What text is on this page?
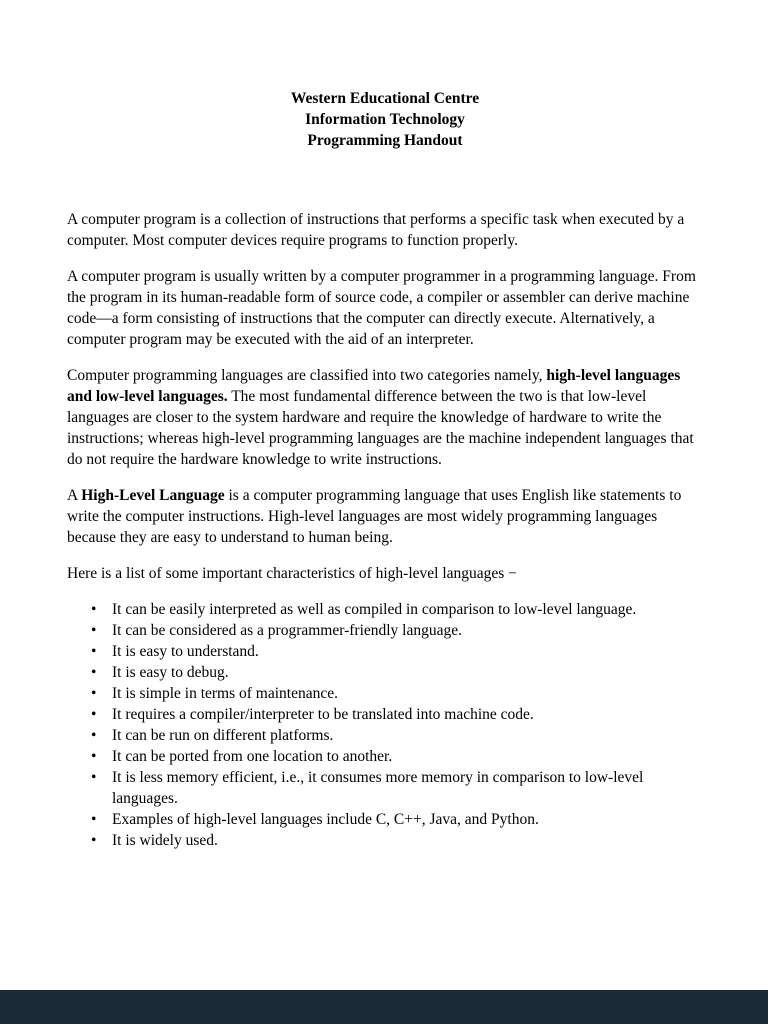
Western Educational Centre
Information Technology
Programming Handout

A computer program is a collection of instructions that performs a specific task when executed by a computer. Most computer devices require programs to function properly.

A computer program is usually written by a computer programmer in a programming language. From the program in its human-readable form of source code, a compiler or assembler can derive machine code—a form consisting of instructions that the computer can directly execute. Alternatively, a computer program may be executed with the aid of an interpreter.

Computer programming languages are classified into two categories namely, high-level languages and low-level languages. The most fundamental difference between the two is that low-level languages are closer to the system hardware and require the knowledge of hardware to write the instructions; whereas high-level programming languages are the machine independent languages that do not require the hardware knowledge to write instructions.

A High-Level Language is a computer programming language that uses English like statements to write the computer instructions. High-level languages are most widely programming languages because they are easy to understand to human being.

Here is a list of some important characteristics of high-level languages −

•	It can be easily interpreted as well as compiled in comparison to low-level language.
•	It can be considered as a programmer-friendly language.
•	It is easy to understand.
•	It is easy to debug.
•	It is simple in terms of maintenance.
•	It requires a compiler/interpreter to be translated into machine code.
•	It can be run on different platforms.
•	It can be ported from one location to another.
•	It is less memory efficient, i.e., it consumes more memory in comparison to low-level languages.
•	Examples of high-level languages include C, C++, Java, and Python.
•	It is widely used.
